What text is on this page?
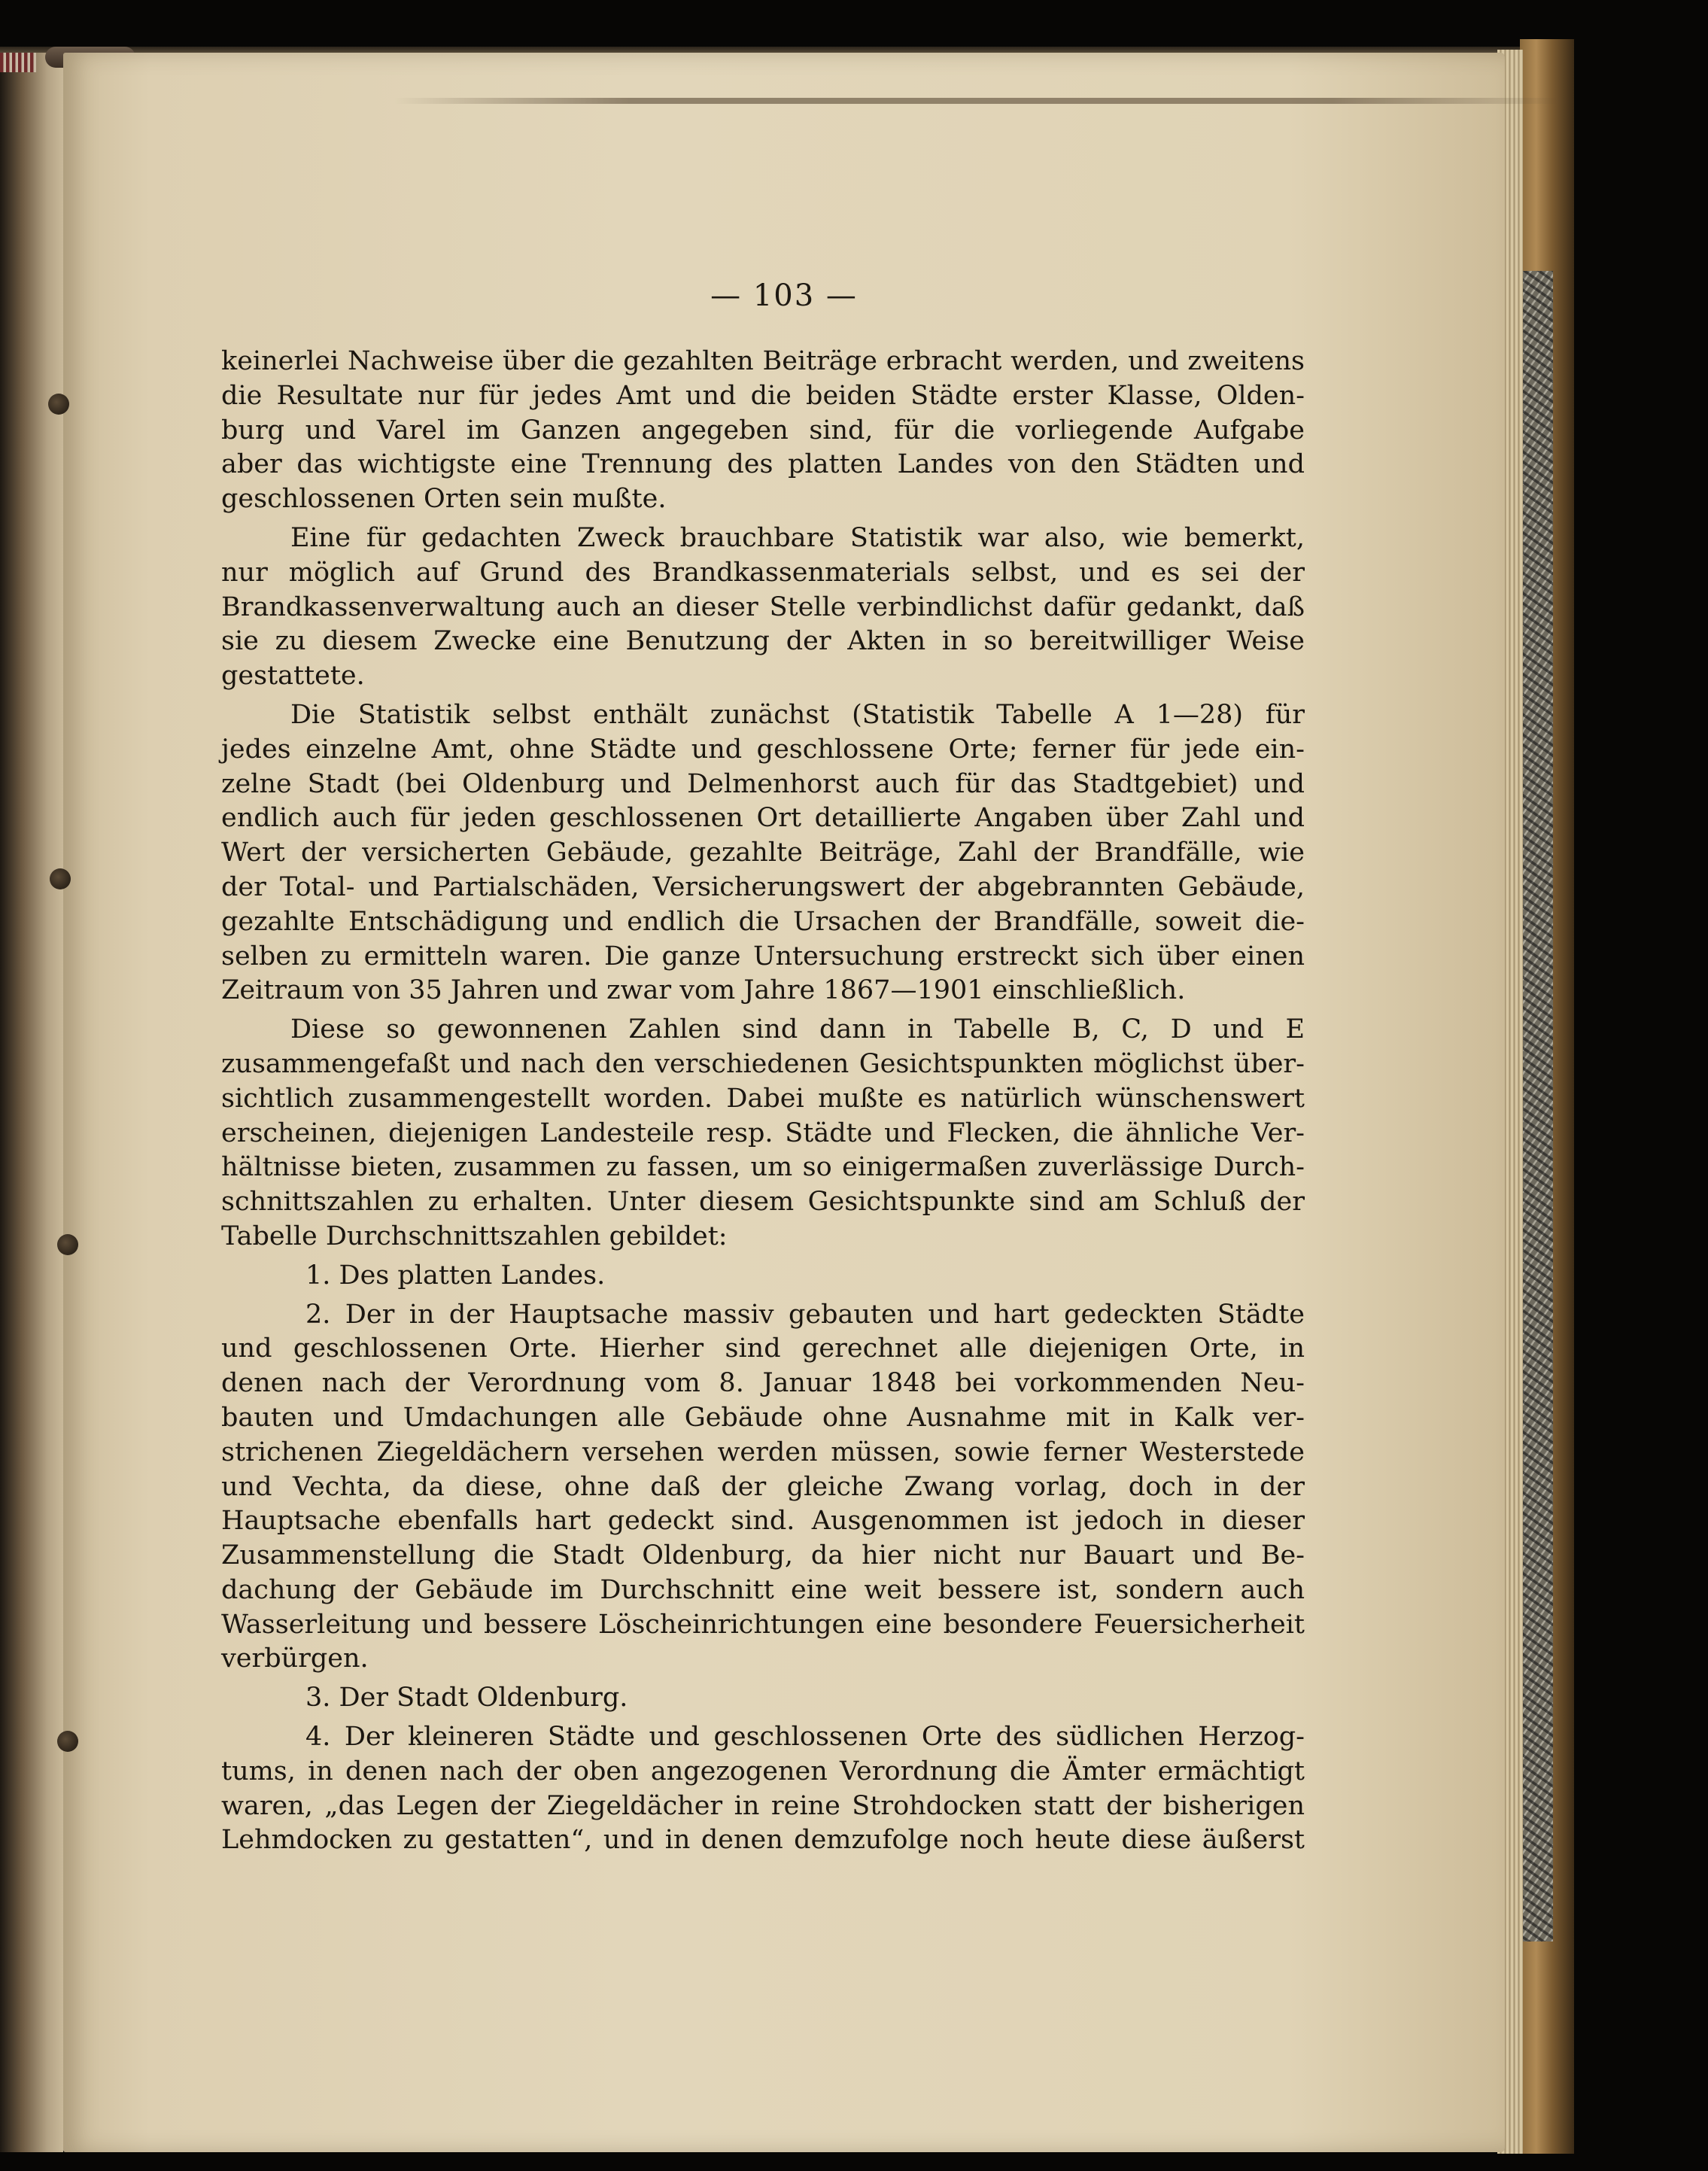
— 103 —
keinerlei Nachweise über die gezahlten Beiträge erbracht werden, und zweitens
die Resultate nur für jedes Amt und die beiden Städte erster Klasse, Olden-
burg und Varel im Ganzen angegeben sind, für die vorliegende Aufgabe
aber das wichtigste eine Trennung des platten Landes von den Städten und
geschlossenen Orten sein mußte.
Eine für gedachten Zweck brauchbare Statistik war also, wie bemerkt,
nur möglich auf Grund des Brandkassenmaterials selbst, und es sei der
Brandkassenverwaltung auch an dieser Stelle verbindlichst dafür gedankt, daß
sie zu diesem Zwecke eine Benutzung der Akten in so bereitwilliger Weise
gestattete.
Die Statistik selbst enthält zunächst (Statistik Tabelle A 1—28) für
jedes einzelne Amt, ohne Städte und geschlossene Orte; ferner für jede ein-
zelne Stadt (bei Oldenburg und Delmenhorst auch für das Stadtgebiet) und
endlich auch für jeden geschlossenen Ort detaillierte Angaben über Zahl und
Wert der versicherten Gebäude, gezahlte Beiträge, Zahl der Brandfälle, wie
der Total- und Partialschäden, Versicherungswert der abgebrannten Gebäude,
gezahlte Entschädigung und endlich die Ursachen der Brandfälle, soweit die-
selben zu ermitteln waren. Die ganze Untersuchung erstreckt sich über einen
Zeitraum von 35 Jahren und zwar vom Jahre 1867—1901 einschließlich.
Diese so gewonnenen Zahlen sind dann in Tabelle B, C, D und E
zusammengefaßt und nach den verschiedenen Gesichtspunkten möglichst über-
sichtlich zusammengestellt worden. Dabei mußte es natürlich wünschenswert
erscheinen, diejenigen Landesteile resp. Städte und Flecken, die ähnliche Ver-
hältnisse bieten, zusammen zu fassen, um so einigermaßen zuverlässige Durch-
schnittszahlen zu erhalten. Unter diesem Gesichtspunkte sind am Schluß der
Tabelle Durchschnittszahlen gebildet:
1. Des platten Landes.
2. Der in der Hauptsache massiv gebauten und hart gedeckten Städte
und geschlossenen Orte. Hierher sind gerechnet alle diejenigen Orte, in
denen nach der Verordnung vom 8. Januar 1848 bei vorkommenden Neu-
bauten und Umdachungen alle Gebäude ohne Ausnahme mit in Kalk ver-
strichenen Ziegeldächern versehen werden müssen, sowie ferner Westerstede
und Vechta, da diese, ohne daß der gleiche Zwang vorlag, doch in der
Hauptsache ebenfalls hart gedeckt sind. Ausgenommen ist jedoch in dieser
Zusammenstellung die Stadt Oldenburg, da hier nicht nur Bauart und Be-
dachung der Gebäude im Durchschnitt eine weit bessere ist, sondern auch
Wasserleitung und bessere Löscheinrichtungen eine besondere Feuersicherheit
verbürgen.
3. Der Stadt Oldenburg.
4. Der kleineren Städte und geschlossenen Orte des südlichen Herzog-
tums, in denen nach der oben angezogenen Verordnung die Ämter ermächtigt
waren, „das Legen der Ziegeldächer in reine Strohdocken statt der bisherigen
Lehmdocken zu gestatten“, und in denen demzufolge noch heute diese äußerst
